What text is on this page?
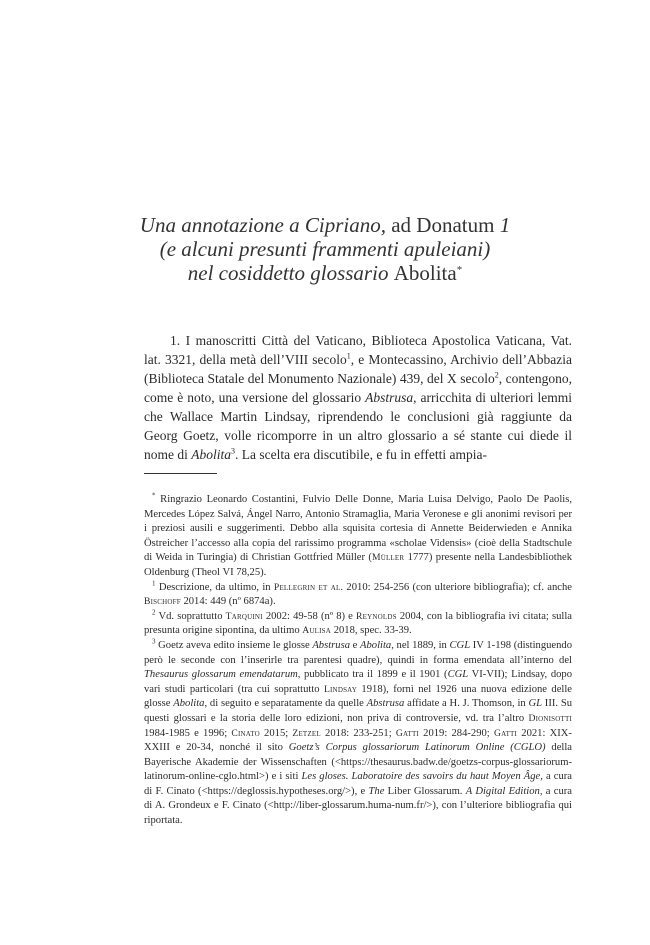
Una annotazione a Cipriano, ad Donatum 1
(e alcuni presunti frammenti apuleiani)
nel cosiddetto glossario Abolita*
1. I manoscritti Città del Vaticano, Biblioteca Apostolica Vaticana, Vat. lat. 3321, della metà dell’VIII secolo$^1$, e Montecassino, Archivio dell’Abbazia (Biblioteca Statale del Monumento Nazionale) 439, del X secolo$^2$, contengono, come è noto, una versione del glossario Abstrusa, arricchita di ulteriori lemmi che Wallace Martin Lindsay, riprendendo le conclusioni già raggiunte da Georg Goetz, volle ricomporre in un altro glossario a sé stante cui diede il nome di Abolita$^3$. La scelta era discutibile, e fu in effetti ampia-

* Ringrazio Leonardo Costantini, Fulvio Delle Donne, Maria Luisa Delvigo, Paolo De Paolis, Mercedes López Salvá, Ángel Narro, Antonio Stramaglia, Maria Veronese e gli anonimi revisori per i preziosi ausili e suggerimenti. Debbo alla squisita cortesia di Annette Beiderwieden e Annika Östreicher l’accesso alla copia del rarissimo programma «scholae Vidensis» (cioè della Stadtschule di Weida in Turingia) di Christian Gottfried Müller (Müller 1777) presente nella Landesbibliothek Oldenburg (Theol VI 78,25).

$^1$ Descrizione, da ultimo, in Pellegrin et al. 2010: 254-256 (con ulteriore bibliografia); cf. anche Bischoff 2014: 449 (nº 6874a).

$^2$ Vd. soprattutto Tarquini 2002: 49-58 (nº 8) e Reynolds 2004, con la bibliografia ivi citata; sulla presunta origine sipontina, da ultimo Aulisa 2018, spec. 33-39.

$^3$ Goetz aveva edito insieme le glosse Abstrusa e Abolita, nel 1889, in CGL IV 1-198 (distinguendo però le seconde con l’inserirle tra parentesi quadre), quindi in forma emendata all’interno del Thesaurus glossarum emendatarum, pubblicato tra il 1899 e il 1901 (CGL VI-VII); Lindsay, dopo vari studi particolari (tra cui soprattutto Lindsay 1918), fornì nel 1926 una nuova edizione delle glosse Abolita, di seguito e separatamente da quelle Abstrusa affidate a H. J. Thomson, in GL III. Su questi glossari e la storia delle loro edizioni, non priva di controversie, vd. tra l’altro Dionisotti 1984-1985 e 1996; Cinato 2015; Zetzel 2018: 233-251; Gatti 2019: 284-290; Gatti 2021: XIX-XXIII e 20-34, nonché il sito Goetz’s Corpus glossariorum Latinorum Online (CGLO) della Bayerische Akademie der Wissenschaften (<https://thesaurus.badw.de/goetzs-corpus-glossariorum-latinorum-online-cglo.html>) e i siti Les gloses. Laboratoire des savoirs du haut Moyen Âge, a cura di F. Cinato (<https://deglossis.hypotheses.org/>), e The Liber Glossarum. A Digital Edition, a cura di A. Grondeux e F. Cinato (<http://liber-glossarum.huma-num.fr/>), con l’ulteriore bibliografia qui riportata.
